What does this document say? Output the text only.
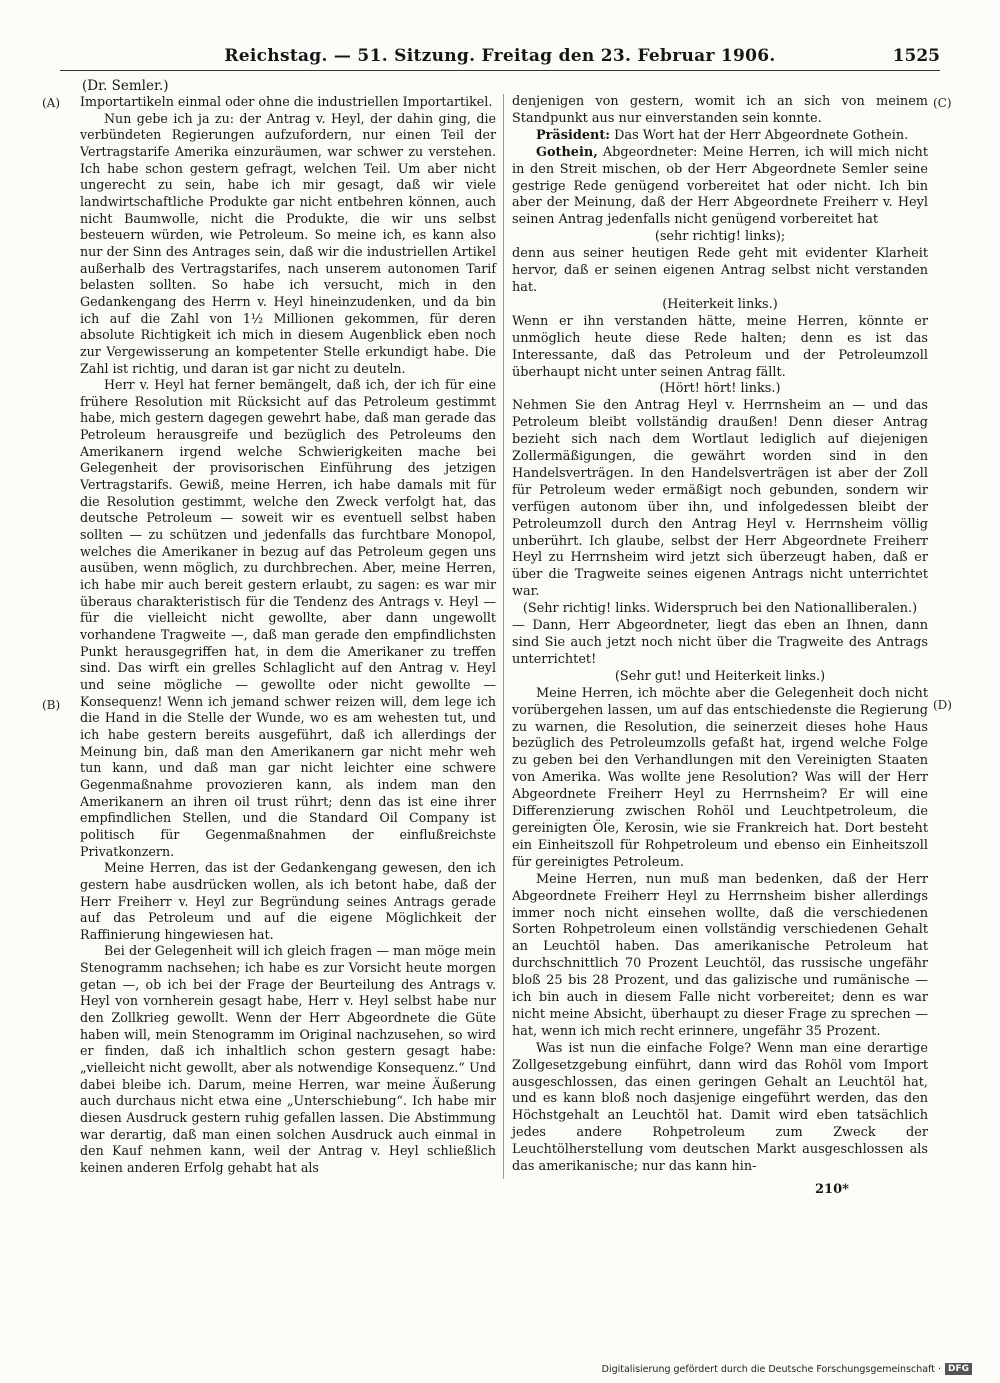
Reichstag. — 51. Sitzung. Freitag den 23. Februar 1906.	1525
(Dr. Semler.)
(A)
(B)
(C)
(D)

Importartikeln einmal oder ohne die industriellen Importartikel.

Nun gebe ich ja zu: der Antrag v. Heyl, der dahin ging, die verbündeten Regierungen aufzufordern, nur einen Teil der Vertragstarife Amerika einzuräumen, war schwer zu verstehen. Ich habe schon gestern gefragt, welchen Teil. Um aber nicht ungerecht zu sein, habe ich mir gesagt, daß wir viele landwirtschaftliche Produkte gar nicht entbehren können, auch nicht Baumwolle, nicht die Produkte, die wir uns selbst besteuern würden, wie Petroleum. So meine ich, es kann also nur der Sinn des Antrages sein, daß wir die industriellen Artikel außerhalb des Vertragstarifes, nach unserem autonomen Tarif belasten sollten. So habe ich versucht, mich in den Gedankengang des Herrn v. Heyl hineinzudenken, und da bin ich auf die Zahl von 1½ Millionen gekommen, für deren absolute Richtigkeit ich mich in diesem Augenblick eben noch zur Vergewisserung an kompetenter Stelle erkundigt habe. Die Zahl ist richtig, und daran ist gar nicht zu deuteln.

Herr v. Heyl hat ferner bemängelt, daß ich, der ich für eine frühere Resolution mit Rücksicht auf das Petroleum gestimmt habe, mich gestern dagegen gewehrt habe, daß man gerade das Petroleum herausgreife und bezüglich des Petroleums den Amerikanern irgend welche Schwierigkeiten mache bei Gelegenheit der provisorischen Einführung des jetzigen Vertragstarifs. Gewiß, meine Herren, ich habe damals mit für die Resolution gestimmt, welche den Zweck verfolgt hat, das deutsche Petroleum — soweit wir es eventuell selbst haben sollten — zu schützen und jedenfalls das furchtbare Monopol, welches die Amerikaner in bezug auf das Petroleum gegen uns ausüben, wenn möglich, zu durchbrechen. Aber, meine Herren, ich habe mir auch bereit gestern erlaubt, zu sagen: es war mir überaus charakteristisch für die Tendenz des Antrags v. Heyl — für die vielleicht nicht gewollte, aber dann ungewollt vorhandene Tragweite —, daß man gerade den empfindlichsten Punkt herausgegriffen hat, in dem die Amerikaner zu treffen sind. Das wirft ein grelles Schlaglicht auf den Antrag v. Heyl und seine mögliche — gewollte oder nicht gewollte — Konsequenz! Wenn ich jemand schwer reizen will, dem lege ich die Hand in die Stelle der Wunde, wo es am wehesten tut, und ich habe gestern bereits ausgeführt, daß ich allerdings der Meinung bin, daß man den Amerikanern gar nicht mehr weh tun kann, und daß man gar nicht leichter eine schwere Gegenmaßnahme provozieren kann, als indem man den Amerikanern an ihren oil trust rührt; denn das ist eine ihrer empfindlichen Stellen, und die Standard Oil Company ist politisch für Gegenmaßnahmen der einflußreichste Privatkonzern.

Meine Herren, das ist der Gedankengang gewesen, den ich gestern habe ausdrücken wollen, als ich betont habe, daß der Herr Freiherr v. Heyl zur Begründung seines Antrags gerade auf das Petroleum und auf die eigene Möglichkeit der Raffinierung hingewiesen hat.

Bei der Gelegenheit will ich gleich fragen — man möge mein Stenogramm nachsehen; ich habe es zur Vorsicht heute morgen getan —, ob ich bei der Frage der Beurteilung des Antrags v. Heyl von vornherein gesagt habe, Herr v. Heyl selbst habe nur den Zollkrieg gewollt. Wenn der Herr Abgeordnete die Güte haben will, mein Stenogramm im Original nachzusehen, so wird er finden, daß ich inhaltlich schon gestern gesagt habe: „vielleicht nicht gewollt, aber als notwendige Konsequenz.“ Und dabei bleibe ich. Darum, meine Herren, war meine Äußerung auch durchaus nicht etwa eine „Unterschiebung“. Ich habe mir diesen Ausdruck gestern ruhig gefallen lassen. Die Abstimmung war derartig, daß man einen solchen Ausdruck auch einmal in den Kauf nehmen kann, weil der Antrag v. Heyl schließlich keinen anderen Erfolg gehabt hat als

denjenigen von gestern, womit ich an sich von meinem Standpunkt aus nur einverstanden sein konnte.

Präsident: Das Wort hat der Herr Abgeordnete Gothein.

Gothein, Abgeordneter: Meine Herren, ich will mich nicht in den Streit mischen, ob der Herr Abgeordnete Semler seine gestrige Rede genügend vorbereitet hat oder nicht. Ich bin aber der Meinung, daß der Herr Abgeordnete Freiherr v. Heyl seinen Antrag jedenfalls nicht genügend vorbereitet hat

(sehr richtig! links);

denn aus seiner heutigen Rede geht mit evidenter Klarheit hervor, daß er seinen eigenen Antrag selbst nicht verstanden hat.

(Heiterkeit links.)

Wenn er ihn verstanden hätte, meine Herren, könnte er unmöglich heute diese Rede halten; denn es ist das Interessante, daß das Petroleum und der Petroleumzoll überhaupt nicht unter seinen Antrag fällt.

(Hört! hört! links.)

Nehmen Sie den Antrag Heyl v. Herrnsheim an — und das Petroleum bleibt vollständig draußen! Denn dieser Antrag bezieht sich nach dem Wortlaut lediglich auf diejenigen Zollermäßigungen, die gewährt worden sind in den Handelsverträgen. In den Handelsverträgen ist aber der Zoll für Petroleum weder ermäßigt noch gebunden, sondern wir verfügen autonom über ihn, und infolgedessen bleibt der Petroleumzoll durch den Antrag Heyl v. Herrnsheim völlig unberührt. Ich glaube, selbst der Herr Abgeordnete Freiherr Heyl zu Herrnsheim wird jetzt sich überzeugt haben, daß er über die Tragweite seines eigenen Antrags nicht unterrichtet war.

(Sehr richtig! links. Widerspruch bei den Nationalliberalen.)

— Dann, Herr Abgeordneter, liegt das eben an Ihnen, dann sind Sie auch jetzt noch nicht über die Tragweite des Antrags unterrichtet!

(Sehr gut! und Heiterkeit links.)

Meine Herren, ich möchte aber die Gelegenheit doch nicht vorübergehen lassen, um auf das entschiedenste die Regierung zu warnen, die Resolution, die seinerzeit dieses hohe Haus bezüglich des Petroleumzolls gefaßt hat, irgend welche Folge zu geben bei den Verhandlungen mit den Vereinigten Staaten von Amerika. Was wollte jene Resolution? Was will der Herr Abgeordnete Freiherr Heyl zu Herrnsheim? Er will eine Differenzierung zwischen Rohöl und Leuchtpetroleum, die gereinigten Öle, Kerosin, wie sie Frankreich hat. Dort besteht ein Einheitszoll für Rohpetroleum und ebenso ein Einheitszoll für gereinigtes Petroleum.

Meine Herren, nun muß man bedenken, daß der Herr Abgeordnete Freiherr Heyl zu Herrnsheim bisher allerdings immer noch nicht einsehen wollte, daß die verschiedenen Sorten Rohpetroleum einen vollständig verschiedenen Gehalt an Leuchtöl haben. Das amerikanische Petroleum hat durchschnittlich 70 Prozent Leuchtöl, das russische ungefähr bloß 25 bis 28 Prozent, und das galizische und rumänische — ich bin auch in diesem Falle nicht vorbereitet; denn es war nicht meine Absicht, überhaupt zu dieser Frage zu sprechen — hat, wenn ich mich recht erinnere, ungefähr 35 Prozent.

Was ist nun die einfache Folge? Wenn man eine derartige Zollgesetzgebung einführt, dann wird das Rohöl vom Import ausgeschlossen, das einen geringen Gehalt an Leuchtöl hat, und es kann bloß noch dasjenige eingeführt werden, das den Höchstgehalt an Leuchtöl hat. Damit wird eben tatsächlich jedes andere Rohpetroleum zum Zweck der Leuchtölherstellung vom deutschen Markt ausgeschlossen als das amerikanische; nur das kann hin-

210*
Digitalisierung gefördert durch die Deutsche Forschungsgemeinschaft · DFG
